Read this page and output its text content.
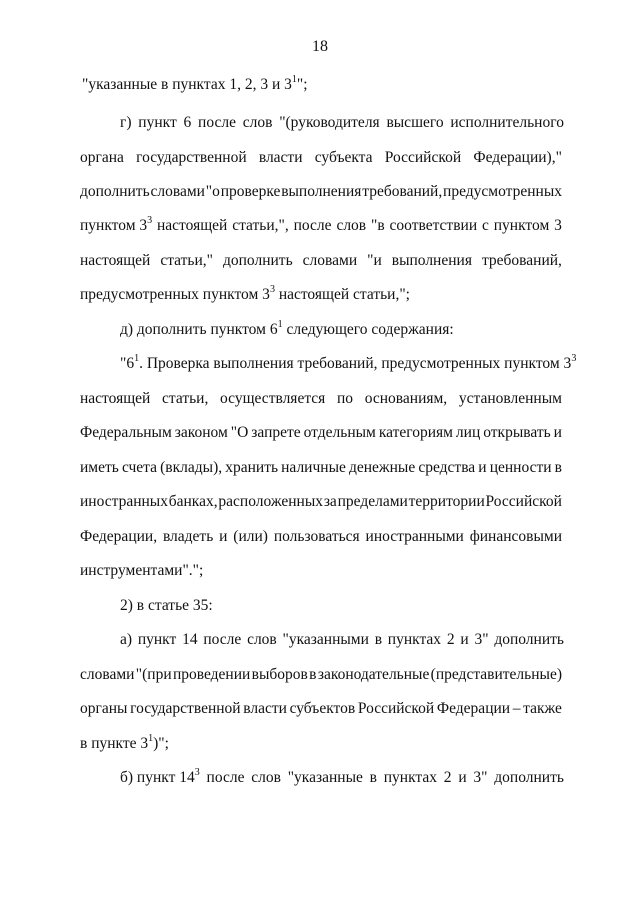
18
"указанные в пунктах 1, 2, 3 и $3^1$";
г) пункт 6 после слов "(руководителя высшего исполнительного
органа государственной власти субъекта Российской Федерации),"
дополнить словами "о проверке выполнения требований, предусмотренных
пунктом $3^3$ настоящей статьи,", после слов "в соответствии с пунктом 3
настоящей статьи," дополнить словами "и выполнения требований,
предусмотренных пунктом $3^3$ настоящей статьи,";
д) дополнить пунктом $6^1$ следующего содержания:
"$6^1$. Проверка выполнения требований, предусмотренных пунктом $3^3$
настоящей статьи, осуществляется по основаниям, установленным
Федеральным законом "О запрете отдельным категориям лиц открывать и
иметь счета (вклады), хранить наличные денежные средства и ценности в
иностранных банках, расположенных за пределами территории Российской
Федерации, владеть и (или) пользоваться иностранными финансовыми
инструментами".";
2) в статье 35:
а) пункт 14 после слов "указанными в пунктах 2 и 3" дополнить
словами "(при проведении выборов в законодательные (представительные)
органы государственной власти субъектов Российской Федерации – также
в пункте $3^1$)";
б) пункт $14^3$ после слов "указанные в пунктах 2 и 3" дополнить
